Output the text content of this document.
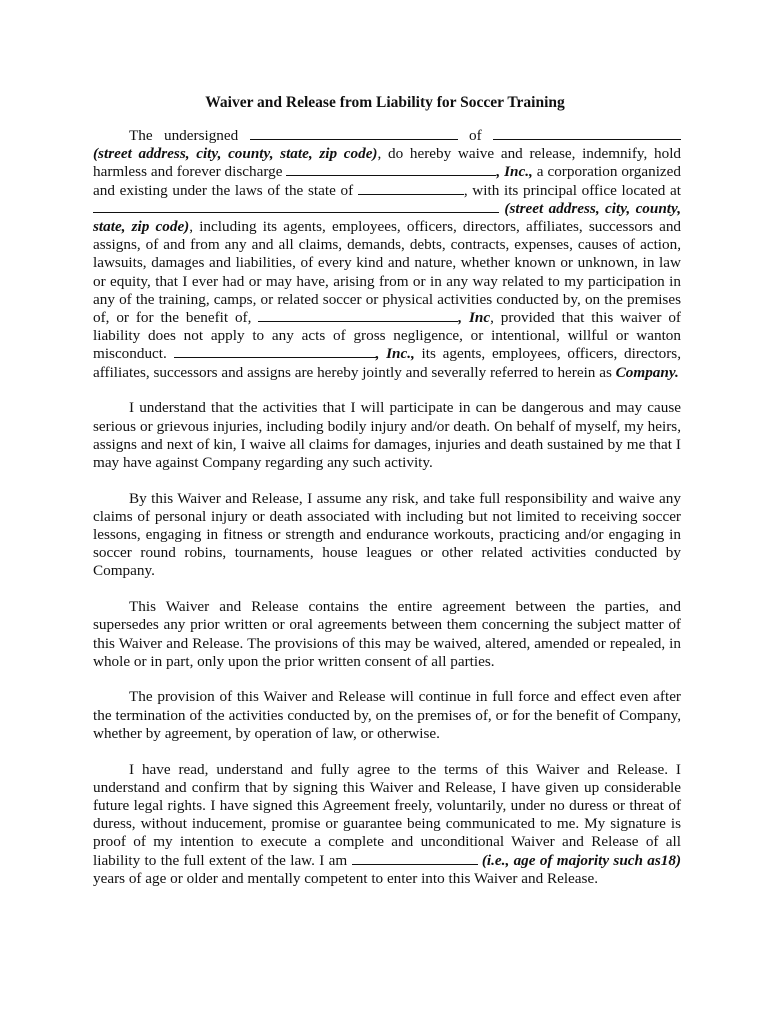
Waiver and Release from Liability for Soccer Training

The undersigned	of  (street address, city, county, state, zip code), do hereby waive and release, indemnify, hold harmless and forever discharge	, Inc., a corporation organized and existing under the laws of the state of	, with its principal office located at  (street address, city, county, state, zip code), including its agents, employees, officers, directors, affiliates, successors and assigns, of and from any and all claims, demands, debts, contracts, expenses, causes of action, lawsuits, damages and liabilities, of every kind and nature, whether known or unknown, in law or equity, that I ever had or may have, arising from or in any way related to my participation in any of the training, camps, or related soccer or physical activities conducted by, on the premises of, or for the benefit of,	, Inc, provided that this waiver of liability does not apply to any acts of gross negligence, or intentional, willful or wanton misconduct.	, Inc., its agents, employees, officers, directors, affiliates, successors and assigns are hereby jointly and severally referred to herein as Company.

I understand that the activities that I will participate in can be dangerous and may cause serious or grievous injuries, including bodily injury and/or death. On behalf of myself, my heirs, assigns and next of kin, I waive all claims for damages, injuries and death sustained by me that I may have against Company regarding any such activity.

By this Waiver and Release, I assume any risk, and take full responsibility and waive any claims of personal injury or death associated with including but not limited to receiving soccer lessons, engaging in fitness or strength and endurance workouts, practicing and/or engaging in soccer round robins, tournaments, house leagues or other related activities conducted by Company.

This Waiver and Release contains the entire agreement between the parties, and supersedes any prior written or oral agreements between them concerning the subject matter of this Waiver and Release. The provisions of this may be waived, altered, amended or repealed, in whole or in part, only upon the prior written consent of all parties.

The provision of this Waiver and Release will continue in full force and effect even after the termination of the activities conducted by, on the premises of, or for the benefit of Company, whether by agreement, by operation of law, or otherwise.

I have read, understand and fully agree to the terms of this Waiver and Release. I understand and confirm that by signing this Waiver and Release, I have given up considerable future legal rights. I have signed this Agreement freely, voluntarily, under no duress or threat of duress, without inducement, promise or guarantee being communicated to me. My signature is proof of my intention to execute a complete and unconditional Waiver and Release of all liability to the full extent of the law. I am	(i.e., age of majority such as18) years of age or older and mentally competent to enter into this Waiver and Release.
